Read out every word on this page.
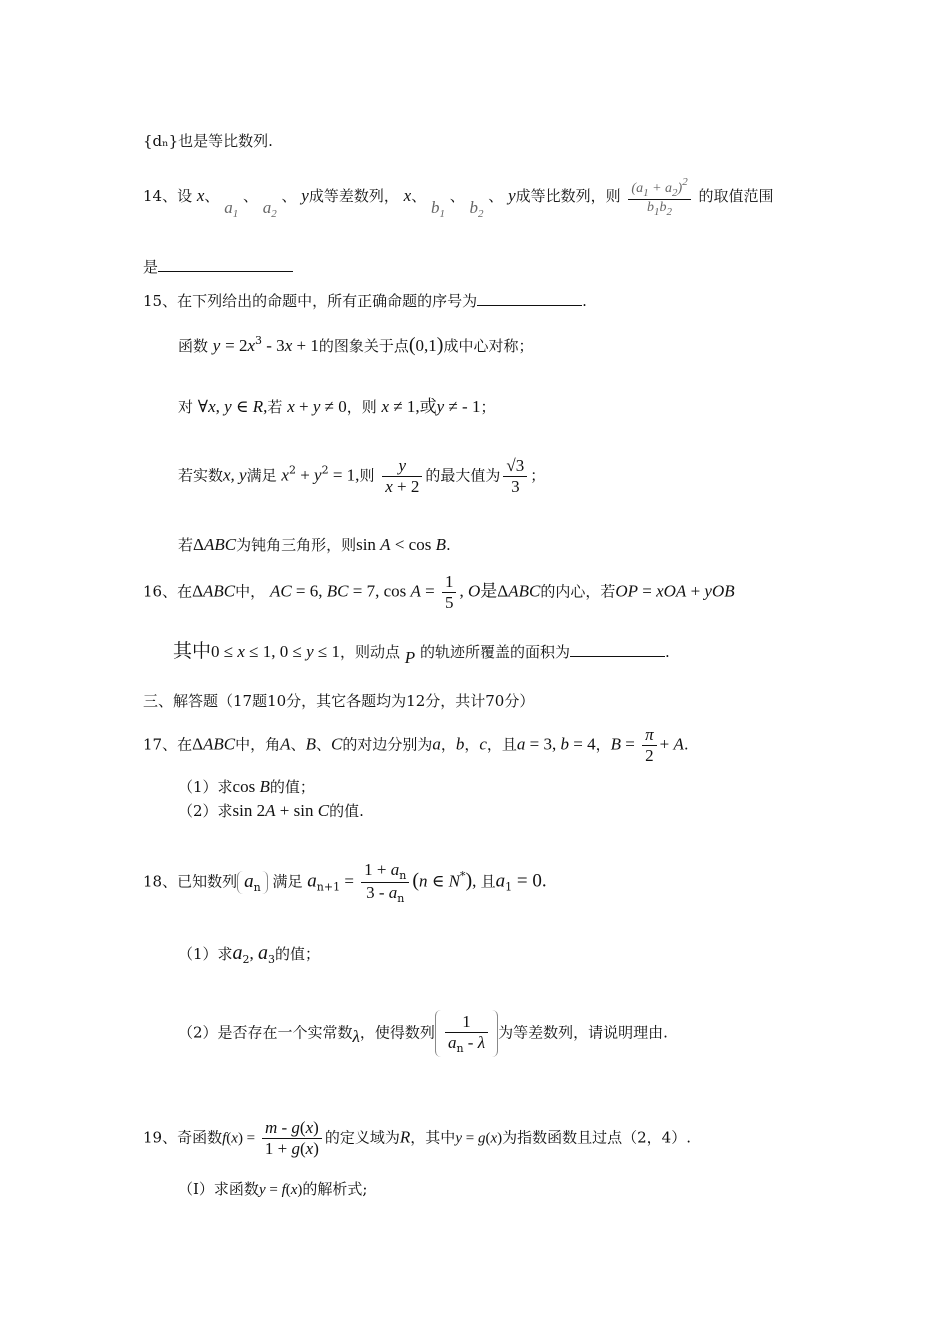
{dₙ}也是等比数列.
14、设 x、 $a_1$ 、 $a_2$ 、 y成等差数列， x、 $b_1$ 、 $b_2$ 、 y成等比数列，则 $\frac{(a_1 + a_2)^2}{b_1b_2}$ 的取值范围
是
15、在下列给出的命题中，所有正确命题的序号为	.
函数 $y = 2x^3 - 3x + 1$的图象关于点(0,1)成中心对称；
对 ∀x, y ∈ R,若 x + y ≠ 0，则 x ≠ 1,或y ≠ - 1；
若实数x, y满足 $x^2 + y^2 = 1$,则 $\frac{y}{x + 2}$ 的最大值为 $\frac{√3}{3}$ ；
若ΔABC为钝角三角形，则sin A < cos B.
16、在ΔABC中， AC = 6, BC = 7, $\cos A = \frac{1}{5}$ , O是ΔABC的内心，若OP = xOA + yOB
其中0 ≤ x ≤ 1, 0 ≤ y ≤ 1，则动点 P 的轨迹所覆盖的面积为	.
三、解答题（17题10分，其它各题均为12分，共计70分）
17、在ΔABC中，角A、B、C的对边分别为a，b，c，且a = 3, b = 4，$B = \frac{\pi}{2} + A$.
（1）求cos B的值；
（2）求sin 2A + sin C的值.
18、已知数列 $a_n$ 满足 $a_{n+1} = \frac{1 + a_n}{3 - a_n} (n$ ∈ N*), 且$a_1 = 0$.
（1）求$a_2$, $a_3$的值；
（2）是否存在一个实常数λ，使得数列 $\frac{1}{a_n - \lambda}$ 为等差数列，请说明理由.
19、奇函数$f(x) = \frac{m - g(x)}{1 + g(x)}$ 的定义域为R，其中y = g(x)为指数函数且过点（2，4）.
（Ⅰ）求函数y = f(x)的解析式;
